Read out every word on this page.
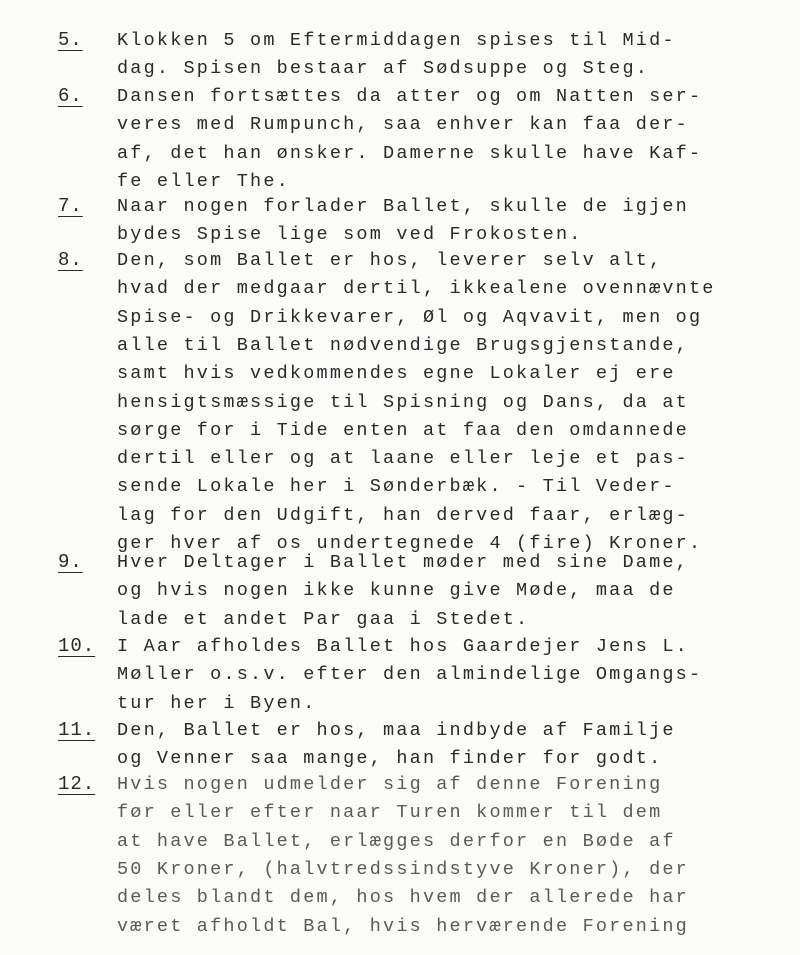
5. Klokken 5 om Eftermiddagen spises til Mid-
dag. Spisen bestaar af Sødsuppe og Steg.
6. Dansen fortsættes da atter og om Natten ser-
veres med Rumpunch, saa enhver kan faa der-
af, det han ønsker. Damerne skulle have Kaf-
fe eller The.
7. Naar nogen forlader Ballet, skulle de igjen
bydes Spise lige som ved Frokosten.
8. Den, som Ballet er hos, leverer selv alt,
hvad der medgaar dertil, ikkealene ovennævnte
Spise- og Drikkevarer, Øl og Aqvavit, men og
alle til Ballet nødvendige Brugsgjenstande,
samt hvis vedkommendes egne Lokaler ej ere
hensigtsmæssige til Spisning og Dans, da at
sørge for i Tide enten at faa den omdannede
dertil eller og at laane eller leje et pas-
sende Lokale her i Sønderbæk. - Til Veder-
lag for den Udgift, han derved faar, erlæg-
ger hver af os undertegnede 4 (fire) Kroner.
9. Hver Deltager i Ballet møder med sine Dame,
og hvis nogen ikke kunne give Møde, maa de
lade et andet Par gaa i Stedet.
10. I Aar afholdes Ballet hos Gaardejer Jens L.
Møller o.s.v. efter den almindelige Omgangs-
tur her i Byen.
11. Den, Ballet er hos, maa indbyde af Familje
og Venner saa mange, han finder for godt.
12. Hvis nogen udmelder sig af denne Forening
før eller efter naar Turen kommer til dem
at have Ballet, erlægges derfor en Bøde af
50 Kroner, (halvtredssindstyve Kroner), der
deles blandt dem, hos hvem der allerede har
været afholdt Bal, hvis herværende Forening
